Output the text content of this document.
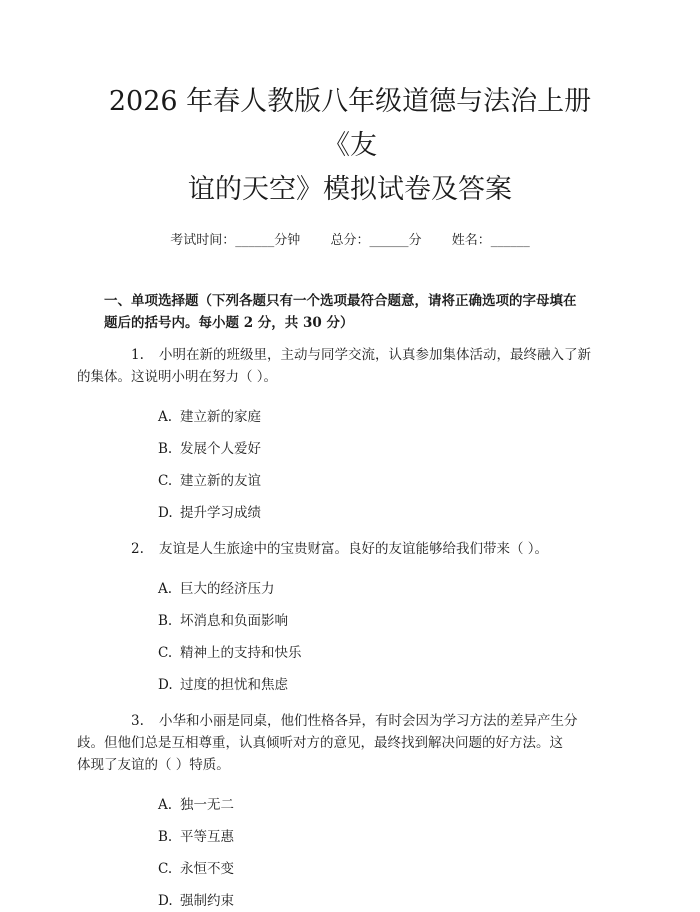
2026 年春人教版八年级道德与法治上册《友
谊的天空》模拟试卷及答案
考试时间：______分钟 总分：______分 姓名：______
一、单项选择题（下列各题只有一个选项最符合题意，请将正确选项的字母填在
题后的括号内。每小题 2 分，共 30 分）
1. 小明在新的班级里，主动与同学交流，认真参加集体活动，最终融入了新
的集体。这说明小明在努力（ ）。
A. 建立新的家庭
B. 发展个人爱好
C. 建立新的友谊
D. 提升学习成绩
2. 友谊是人生旅途中的宝贵财富。良好的友谊能够给我们带来（ ）。
A. 巨大的经济压力
B. 坏消息和负面影响
C. 精神上的支持和快乐
D. 过度的担忧和焦虑
3. 小华和小丽是同桌，他们性格各异，有时会因为学习方法的差异产生分
歧。但他们总是互相尊重，认真倾听对方的意见，最终找到解决问题的好方法。这
体现了友谊的（ ）特质。
A. 独一无二
B. 平等互惠
C. 永恒不变
D. 强制约束
